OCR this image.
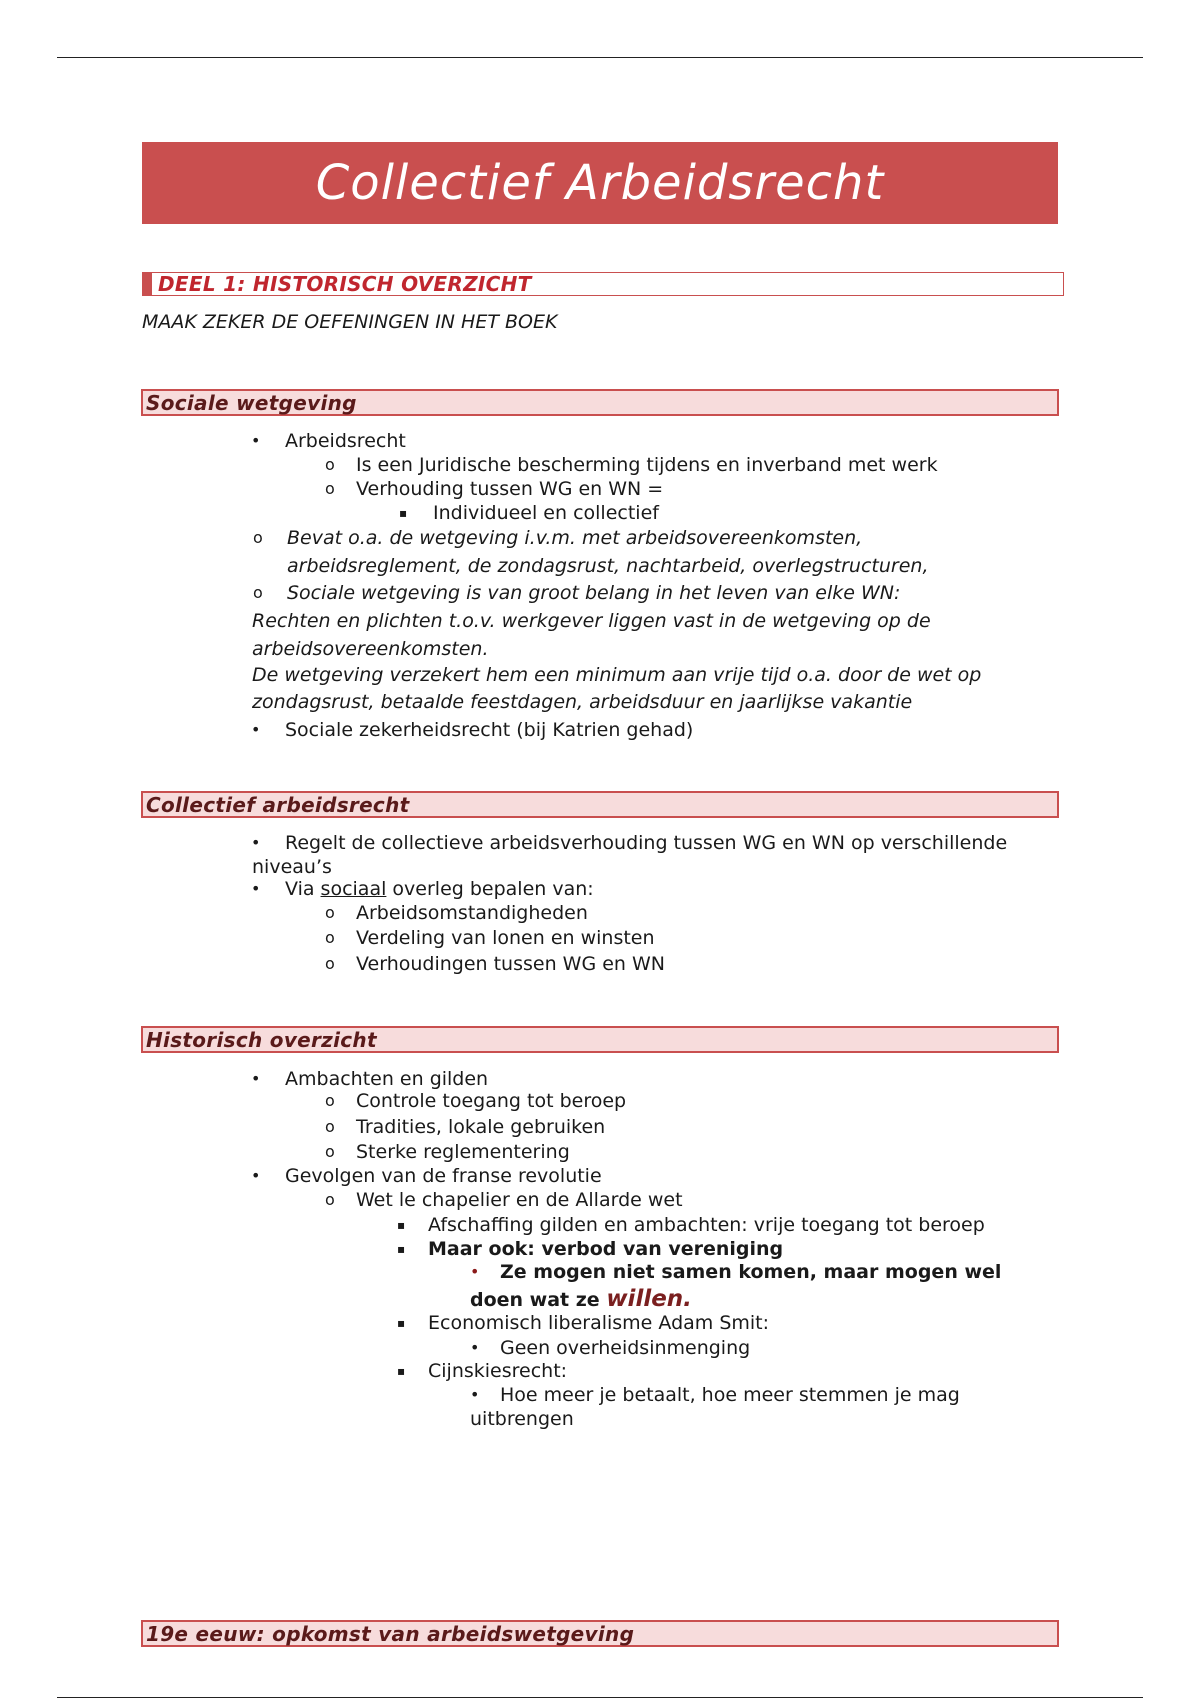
Collectief Arbeidsrecht
DEEL 1: HISTORISCH OVERZICHT
MAAK ZEKER DE OEFENINGEN IN HET BOEK
Sociale wetgeving
• Arbeidsrecht
o Is een Juridische bescherming tijdens en inverband met werk
o Verhouding tussen WG en WN =
▪ Individueel en collectief
o Bevat o.a. de wetgeving i.v.m. met arbeidsovereenkomsten,
arbeidsreglement, de zondagsrust, nachtarbeid, overlegstructuren,
o Sociale wetgeving is van groot belang in het leven van elke WN:
Rechten en plichten t.o.v. werkgever liggen vast in de wetgeving op de
arbeidsovereenkomsten.
De wetgeving verzekert hem een minimum aan vrije tijd o.a. door de wet op
zondagsrust, betaalde feestdagen, arbeidsduur en jaarlijkse vakantie
• Sociale zekerheidsrecht (bij Katrien gehad)
Collectief arbeidsrecht
• Regelt de collectieve arbeidsverhouding tussen WG en WN op verschillende
niveau’s
• Via sociaal overleg bepalen van:
o Arbeidsomstandigheden
o Verdeling van lonen en winsten
o Verhoudingen tussen WG en WN
Historisch overzicht
• Ambachten en gilden
o Controle toegang tot beroep
o Tradities, lokale gebruiken
o Sterke reglementering
• Gevolgen van de franse revolutie
o Wet le chapelier en de Allarde wet
▪ Afschaffing gilden en ambachten: vrije toegang tot beroep
▪ Maar ook: verbod van vereniging
• Ze mogen niet samen komen, maar mogen wel
doen wat ze willen.
▪ Economisch liberalisme Adam Smit:
• Geen overheidsinmenging
▪ Cijnskiesrecht:
• Hoe meer je betaalt, hoe meer stemmen je mag
uitbrengen
19e eeuw: opkomst van arbeidswetgeving
